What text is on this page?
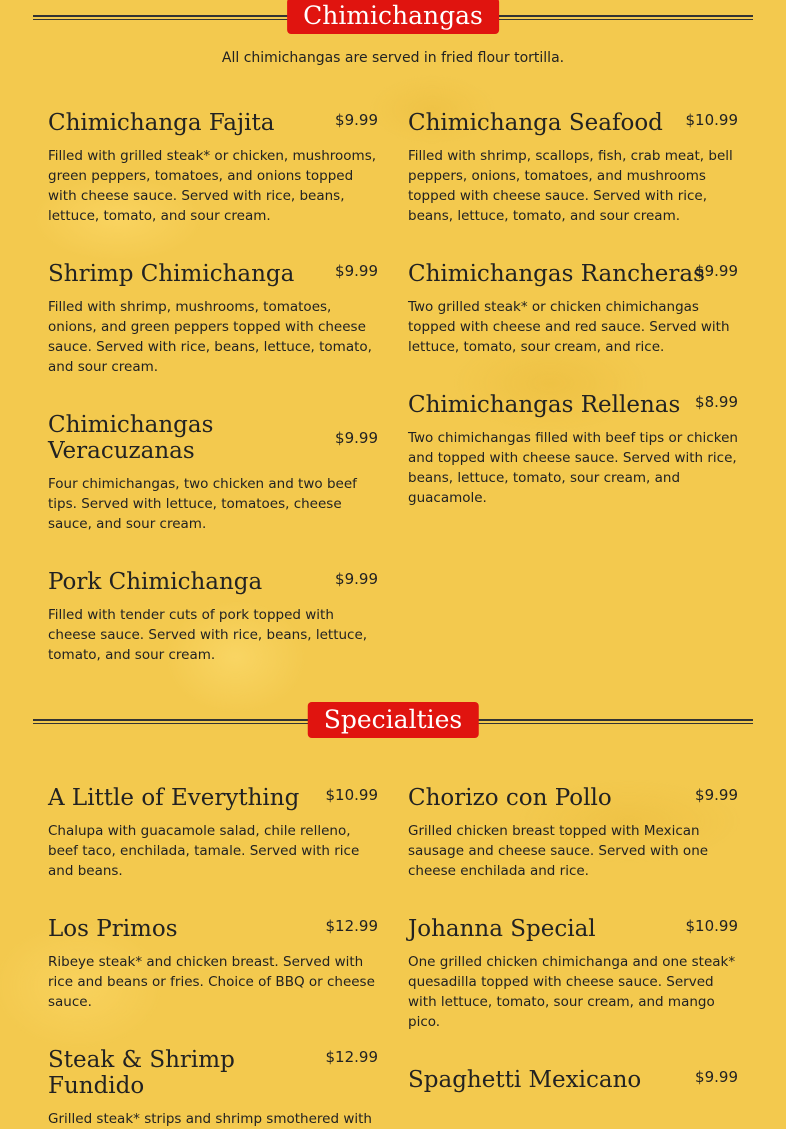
Chimichangas
All chimichangas are served in fried flour tortilla.
Chimichanga Fajita	$9.99
Filled with grilled steak* or chicken, mushrooms, green peppers, tomatoes, and onions topped with cheese sauce. Served with rice, beans, lettuce, tomato, and sour cream.
Chimichanga Seafood	$10.99
Filled with shrimp, scallops, fish, crab meat, bell peppers, onions, tomatoes, and mushrooms topped with cheese sauce. Served with rice, beans, lettuce, tomato, and sour cream.
Shrimp Chimichanga	$9.99
Filled with shrimp, mushrooms, tomatoes, onions, and green peppers topped with cheese sauce. Served with rice, beans, lettuce, tomato, and sour cream.
Chimichangas Rancheras
$9.99
Two grilled steak* or chicken chimichangas topped with cheese and red sauce. Served with lettuce, tomato, sour cream, and rice.
Chimichangas Veracuzanas	$9.99
Four chimichangas, two chicken and two beef tips. Served with lettuce, tomatoes, cheese sauce, and sour cream.
Chimichangas Rellenas $8.99
Two chimichangas filled with beef tips or chicken and topped with cheese sauce. Served with rice, beans, lettuce, tomato, sour cream, and guacamole.
Pork Chimichanga	$9.99
Filled with tender cuts of pork topped with cheese sauce. Served with rice, beans, lettuce, tomato, and sour cream.
Specialties
A Little of Everything	$10.99
Chalupa with guacamole salad, chile relleno, beef taco, enchilada, tamale. Served with rice and beans.
Chorizo con Pollo	$9.99
Grilled chicken breast topped with Mexican sausage and cheese sauce. Served with one cheese enchilada and rice.
Los Primos	$12.99
Ribeye steak* and chicken breast. Served with rice and beans or fries. Choice of BBQ or cheese sauce.
Johanna Special	$10.99
One grilled chicken chimichanga and one steak* quesadilla topped with cheese sauce. Served with lettuce, tomato, sour cream, and mango pico.
Steak & Shrimp Fundido
$12.99
Grilled steak* strips and shrimp smothered with
Spaghetti Mexicano	$9.99
